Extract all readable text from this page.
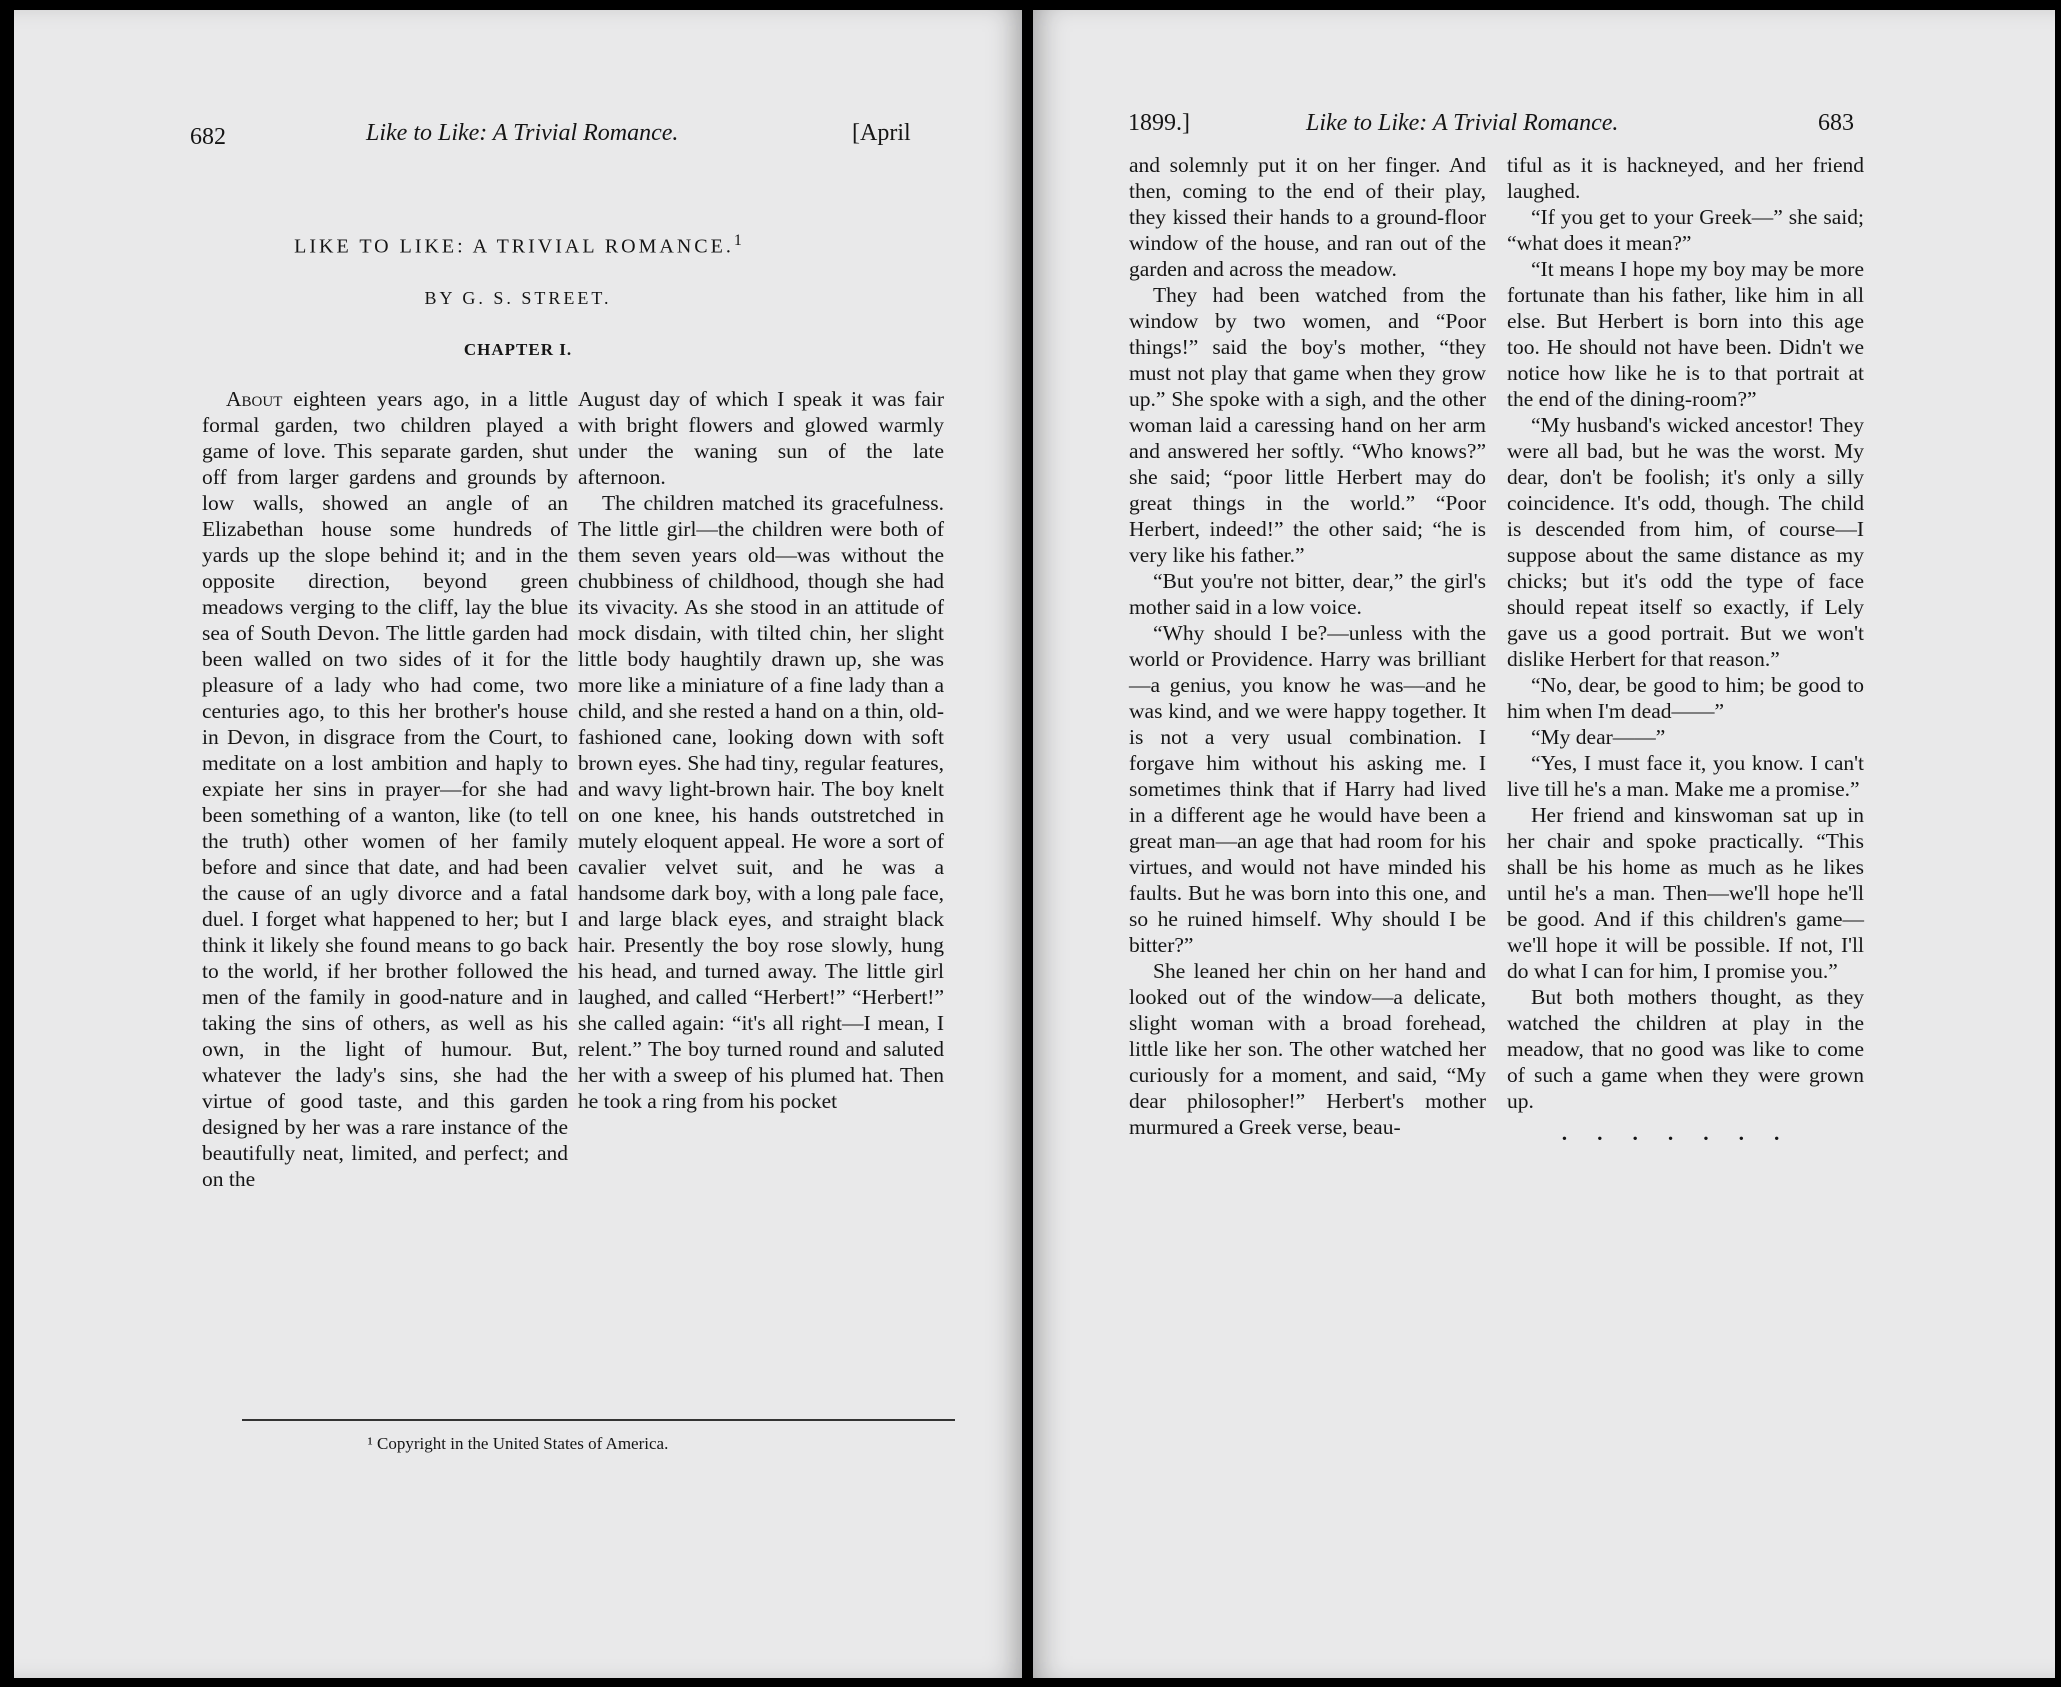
682	Like to Like: A Trivial Romance.	[April
LIKE TO LIKE: A TRIVIAL ROMANCE.$^1$
BY G. S. STREET.
CHAPTER I.

About eighteen years ago, in a little formal garden, two children played a game of love. This separate garden, shut off from larger gardens and grounds by low walls, showed an angle of an Elizabethan house some hundreds of yards up the slope behind it; and in the opposite direction, beyond green meadows verging to the cliff, lay the blue sea of South Devon. The little garden had been walled on two sides of it for the pleasure of a lady who had come, two centuries ago, to this her brother's house in Devon, in disgrace from the Court, to meditate on a lost ambition and haply to expiate her sins in prayer—for she had been something of a wanton, like (to tell the truth) other women of her family before and since that date, and had been the cause of an ugly divorce and a fatal duel. I forget what happened to her; but I think it likely she found means to go back to the world, if her brother followed the men of the family in good-nature and in taking the sins of others, as well as his own, in the light of humour. But, whatever the lady's sins, she had the virtue of good taste, and this garden designed by her was a rare instance of the beautifully neat, limited, and perfect; and on the

August day of which I speak it was fair with bright flowers and glowed warmly under the waning sun of the late afternoon.

The children matched its gracefulness. The little girl—the children were both of them seven years old—was without the chubbiness of childhood, though she had its vivacity. As she stood in an attitude of mock disdain, with tilted chin, her slight little body haughtily drawn up, she was more like a miniature of a fine lady than a child, and she rested a hand on a thin, old-fashioned cane, looking down with soft brown eyes. She had tiny, regular features, and wavy light-brown hair. The boy knelt on one knee, his hands outstretched in mutely eloquent appeal. He wore a sort of cavalier velvet suit, and he was a handsome dark boy, with a long pale face, and large black eyes, and straight black hair. Presently the boy rose slowly, hung his head, and turned away. The little girl laughed, and called “Herbert!” “Herbert!” she called again: “it's all right—I mean, I relent.” The boy turned round and saluted her with a sweep of his plumed hat. Then he took a ring from his pocket

¹ Copyright in the United States of America.
1899.]	Like to Like: A Trivial Romance.	683

and solemnly put it on her finger. And then, coming to the end of their play, they kissed their hands to a ground-floor window of the house, and ran out of the garden and across the meadow.

They had been watched from the window by two women, and “Poor things!” said the boy's mother, “they must not play that game when they grow up.” She spoke with a sigh, and the other woman laid a caressing hand on her arm and answered her softly. “Who knows?” she said; “poor little Herbert may do great things in the world.” “Poor Herbert, indeed!” the other said; “he is very like his father.”

“But you're not bitter, dear,” the girl's mother said in a low voice.

“Why should I be?—unless with the world or Providence. Harry was brilliant—a genius, you know he was—and he was kind, and we were happy together. It is not a very usual combination. I forgave him without his asking me. I sometimes think that if Harry had lived in a different age he would have been a great man—an age that had room for his virtues, and would not have minded his faults. But he was born into this one, and so he ruined himself. Why should I be bitter?”

She leaned her chin on her hand and looked out of the window—a delicate, slight woman with a broad forehead, little like her son. The other watched her curiously for a moment, and said, “My dear philosopher!” Herbert's mother murmured a Greek verse, beau-

tiful as it is hackneyed, and her friend laughed.

“If you get to your Greek—” she said; “what does it mean?”

“It means I hope my boy may be more fortunate than his father, like him in all else. But Herbert is born into this age too. He should not have been. Didn't we notice how like he is to that portrait at the end of the dining-room?”

“My husband's wicked ancestor! They were all bad, but he was the worst. My dear, don't be foolish; it's only a silly coincidence. It's odd, though. The child is descended from him, of course—I suppose about the same distance as my chicks; but it's odd the type of face should repeat itself so exactly, if Lely gave us a good portrait. But we won't dislike Herbert for that reason.”

“No, dear, be good to him; be good to him when I'm dead——”

“My dear——”

“Yes, I must face it, you know. I can't live till he's a man. Make me a promise.”

Her friend and kinswoman sat up in her chair and spoke practically. “This shall be his home as much as he likes until he's a man. Then—we'll hope he'll be good. And if this children's game—we'll hope it will be possible. If not, I'll do what I can for him, I promise you.”

But both mothers thought, as they watched the children at play in the meadow, that no good was like to come of such a game when they were grown up.

.......
